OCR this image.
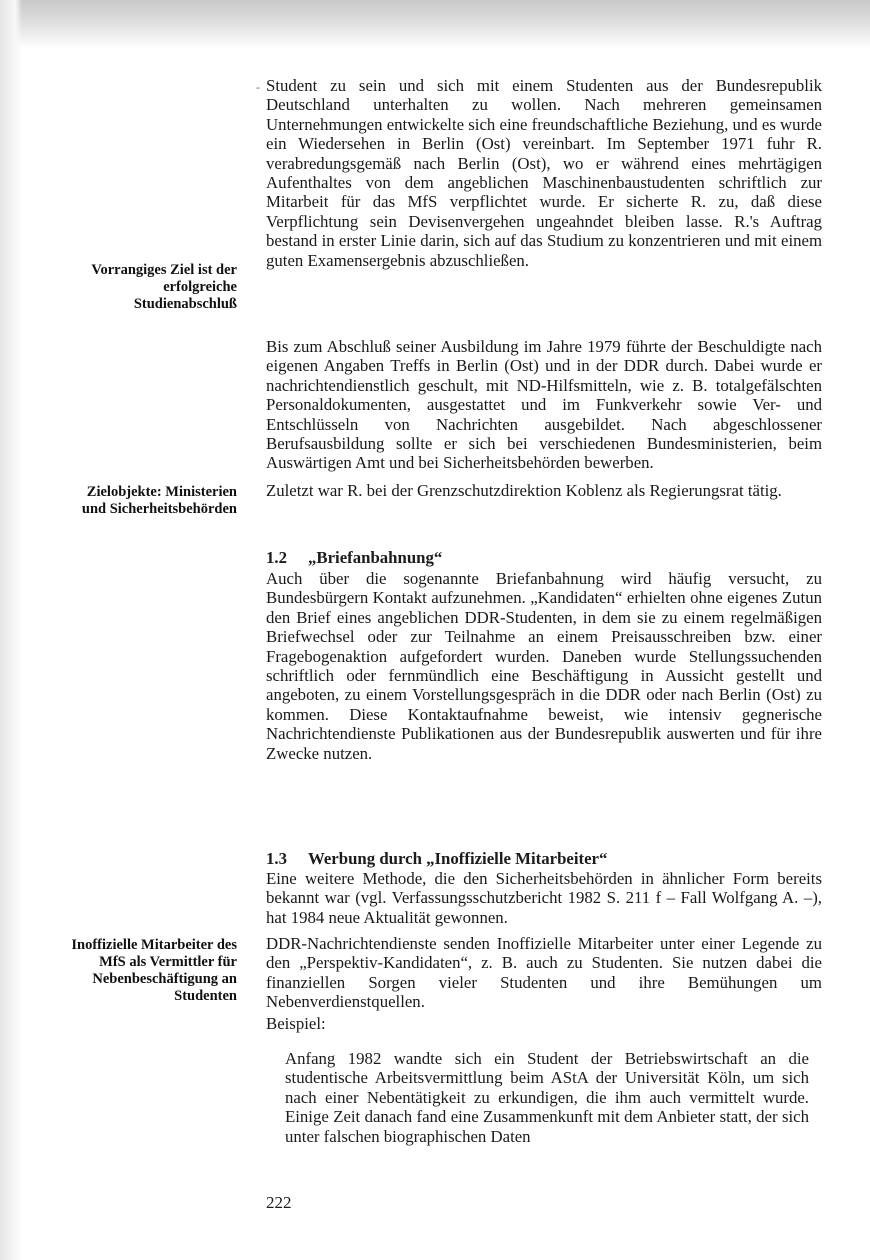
-
Vorrangiges Ziel ist der erfolgreiche Studienabschluß
Zielobjekte: Ministerien und Sicherheitsbehörden
Inoffizielle Mitarbeiter des MfS als Vermittler für Nebenbeschäftigung an Studenten

Student zu sein und sich mit einem Studenten aus der Bundesrepublik Deutschland unterhalten zu wollen. Nach mehreren gemeinsamen Unternehmungen entwickelte sich eine freundschaftliche Beziehung, und es wurde ein Wiedersehen in Berlin (Ost) vereinbart. Im September 1971 fuhr R. verabredungsgemäß nach Berlin (Ost), wo er während eines mehrtägigen Aufenthaltes von dem angeblichen Maschinenbaustudenten schriftlich zur Mitarbeit für das MfS verpflichtet wurde. Er sicherte R. zu, daß diese Verpflichtung sein Devisenvergehen ungeahndet bleiben lasse. R.'s Auftrag bestand in erster Linie darin, sich auf das Studium zu konzentrieren und mit einem guten Examensergebnis abzuschließen.

Bis zum Abschluß seiner Ausbildung im Jahre 1979 führte der Beschuldigte nach eigenen Angaben Treffs in Berlin (Ost) und in der DDR durch. Dabei wurde er nachrichtendienstlich geschult, mit ND-Hilfsmitteln, wie z. B. totalgefälschten Personaldokumenten, ausgestattet und im Funkverkehr sowie Ver- und Entschlüsseln von Nachrichten ausgebildet. Nach abgeschlossener Berufsausbildung sollte er sich bei verschiedenen Bundesministerien, beim Auswärtigen Amt und bei Sicherheitsbehörden bewerben.

Zuletzt war R. bei der Grenzschutzdirektion Koblenz als Regierungsrat tätig.

1.2 „Briefanbahnung“

Auch über die sogenannte Briefanbahnung wird häufig versucht, zu Bundesbürgern Kontakt aufzunehmen. „Kandidaten“ erhielten ohne eigenes Zutun den Brief eines angeblichen DDR-Studenten, in dem sie zu einem regelmäßigen Briefwechsel oder zur Teilnahme an einem Preisausschreiben bzw. einer Fragebogenaktion aufgefordert wurden. Daneben wurde Stellungssuchenden schriftlich oder fernmündlich eine Beschäftigung in Aussicht gestellt und angeboten, zu einem Vorstellungsgespräch in die DDR oder nach Berlin (Ost) zu kommen. Diese Kontaktaufnahme beweist, wie intensiv gegnerische Nachrichtendienste Publikationen aus der Bundesrepublik auswerten und für ihre Zwecke nutzen.

1.3 Werbung durch „Inoffizielle Mitarbeiter“

Eine weitere Methode, die den Sicherheitsbehörden in ähnlicher Form bereits bekannt war (vgl. Verfassungsschutzbericht 1982 S. 211 f – Fall Wolfgang A. –), hat 1984 neue Aktualität gewonnen.

DDR-Nachrichtendienste senden Inoffizielle Mitarbeiter unter einer Legende zu den „Perspektiv-Kandidaten“, z. B. auch zu Studenten. Sie nutzen dabei die finanziellen Sorgen vieler Studenten und ihre Bemühungen um Nebenverdienstquellen.

Beispiel:

Anfang 1982 wandte sich ein Student der Betriebswirtschaft an die studentische Arbeitsvermittlung beim AStA der Universität Köln, um sich nach einer Nebentätigkeit zu erkundigen, die ihm auch vermittelt wurde. Einige Zeit danach fand eine Zusammenkunft mit dem Anbieter statt, der sich unter falschen biographischen Daten
222
